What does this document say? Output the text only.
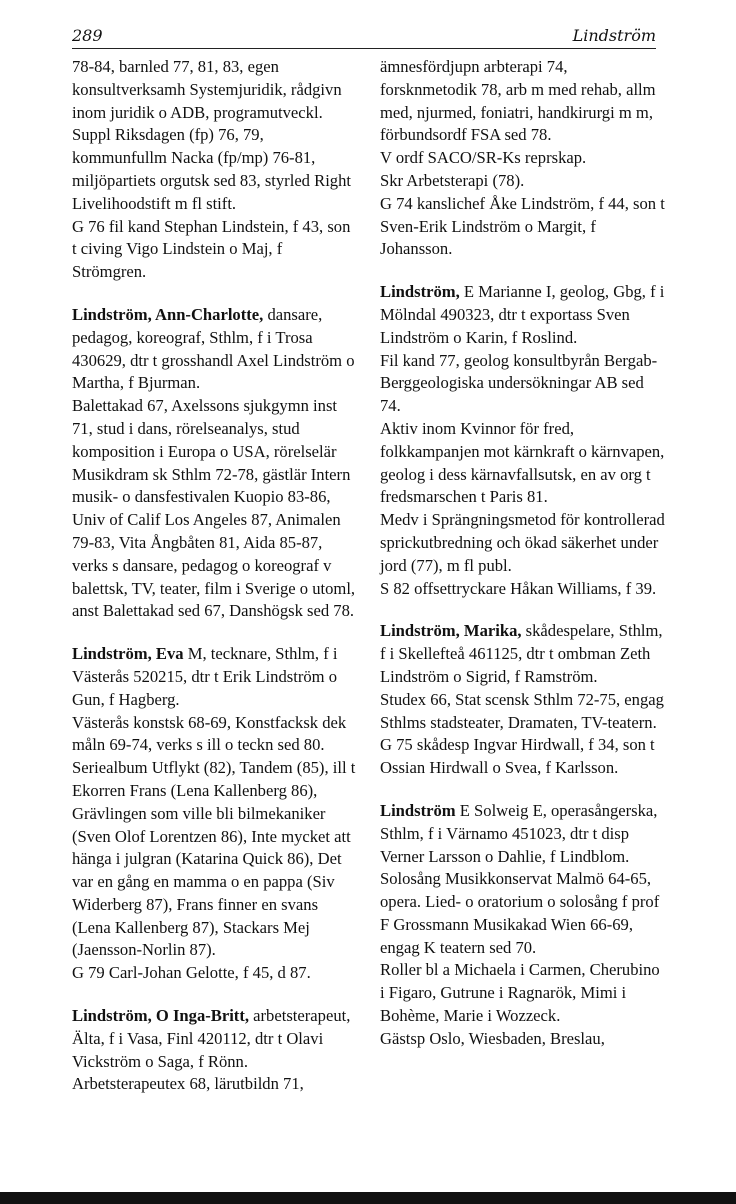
289	Lindström

78-84, barnled 77, 81, 83, egen konsultverksamh Systemjuridik, rådgivn inom juridik o ADB, programutveckl.

Suppl Riksdagen (fp) 76, 79, kommunfullm Nacka (fp/mp) 76-81, miljöpartiets orgutsk sed 83, styrled Right Livelihoodstift m fl stift.

G 76 fil kand Stephan Lindstein, f 43, son t civing Vigo Lindstein o Maj, f Strömgren.

Lindström, Ann-Charlotte, dansare, pedagog, koreograf, Sthlm, f i Trosa 430629, dtr t grosshandl Axel Lindström o Martha, f Bjurman.

Balettakad 67, Axelssons sjukgymn inst 71, stud i dans, rörelseanalys, stud komposition i Europa o USA, rörelselär Musikdram sk Sthlm 72-78, gästlär Intern musik- o dansfestivalen Kuopio 83-86, Univ of Calif Los Angeles 87, Animalen 79-83, Vita Ångbåten 81, Aida 85-87, verks s dansare, pedagog o koreograf v balettsk, TV, teater, film i Sverige o utoml, anst Balettakad sed 67, Danshögsk sed 78.

Lindström, Eva M, tecknare, Sthlm, f i Västerås 520215, dtr t Erik Lindström o Gun, f Hagberg.

Västerås konstsk 68-69, Konstfacksk dek måln 69-74, verks s ill o teckn sed 80.

Seriealbum Utflykt (82), Tandem (85), ill t Ekorren Frans (Lena Kallenberg 86), Grävlingen som ville bli bilmekaniker (Sven Olof Lorentzen 86), Inte mycket att hänga i julgran (Katarina Quick 86), Det var en gång en mamma o en pappa (Siv Widerberg 87), Frans finner en svans (Lena Kallenberg 87), Stackars Mej (Jaensson-Norlin 87).

G 79 Carl-Johan Gelotte, f 45, d 87.

Lindström, O Inga-Britt, arbetsterapeut, Älta, f i Vasa, Finl 420112, dtr t Olavi Vickström o Saga, f Rönn.

Arbetsterapeutex 68, lärutbildn 71,

ämnesfördjupn arbterapi 74, forsknmetodik 78, arb m med rehab, allm med, njurmed, foniatri, handkirurgi m m, förbundsordf FSA sed 78.

V ordf SACO/SR-Ks reprskap.

Skr Arbetsterapi (78).

G 74 kanslichef Åke Lindström, f 44, son t Sven-Erik Lindström o Margit, f Johansson.

Lindström, E Marianne I, geolog, Gbg, f i Mölndal 490323, dtr t exportass Sven Lindström o Karin, f Roslind.

Fil kand 77, geolog konsultbyrån Bergab-Berggeologiska undersökningar AB sed 74.

Aktiv inom Kvinnor för fred, folkkampanjen mot kärnkraft o kärnvapen, geolog i dess kärnavfallsutsk, en av org t fredsmarschen t Paris 81.

Medv i Sprängningsmetod för kontrollerad sprickutbredning och ökad säkerhet under jord (77), m fl publ.

S 82 offsettryckare Håkan Williams, f 39.

Lindström, Marika, skådespelare, Sthlm, f i Skellefteå 461125, dtr t ombman Zeth Lindström o Sigrid, f Ramström.

Studex 66, Stat scensk Sthlm 72-75, engag Sthlms stadsteater, Dramaten, TV-teatern.

G 75 skådesp Ingvar Hirdwall, f 34, son t Ossian Hirdwall o Svea, f Karlsson.

Lindström E Solweig E, operasångerska, Sthlm, f i Värnamo 451023, dtr t disp Verner Larsson o Dahlie, f Lindblom.

Solosång Musikkonservat Malmö 64-65, opera. Lied- o oratorium o solosång f prof F Grossmann Musikakad Wien 66-69, engag K teatern sed 70.

Roller bl a Michaela i Carmen, Cherubino i Figaro, Gutrune i Ragnarök, Mimi i Bohème, Marie i Wozzeck.

Gästsp Oslo, Wiesbaden, Breslau,
